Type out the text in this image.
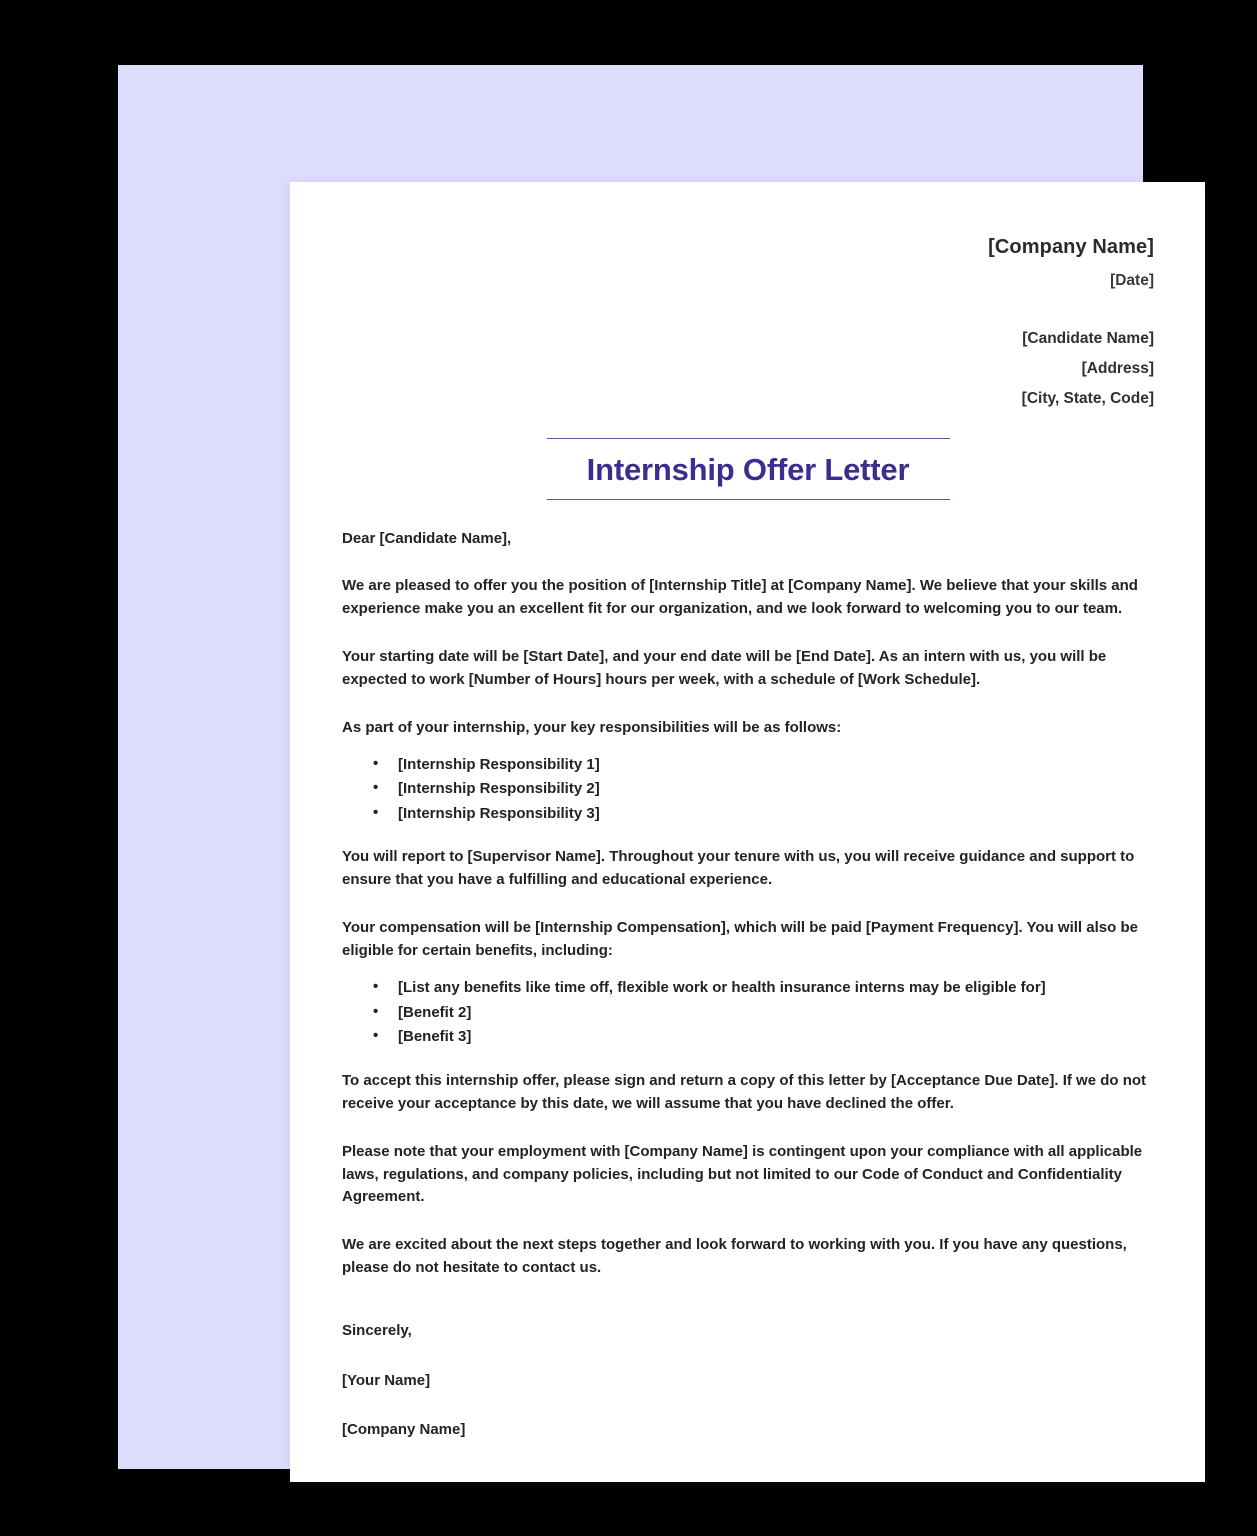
[Company Name]
[Date]
[Candidate Name]
[Address]
[City, State, Code]
Internship Offer Letter
Dear [Candidate Name],

We are pleased to offer you the position of [Internship Title] at [Company Name]. We believe that your skills and experience make you an excellent fit for our organization, and we look forward to welcoming you to our team.

Your starting date will be [Start Date], and your end date will be [End Date]. As an intern with us, you will be expected to work [Number of Hours] hours per week, with a schedule of [Work Schedule].

As part of your internship, your key responsibilities will be as follows:

• [Internship Responsibility 1]
• [Internship Responsibility 2]
• [Internship Responsibility 3]

You will report to [Supervisor Name]. Throughout your tenure with us, you will receive guidance and support to ensure that you have a fulfilling and educational experience.

Your compensation will be [Internship Compensation], which will be paid [Payment Frequency]. You will also be eligible for certain benefits, including:

• [List any benefits like time off, flexible work or health insurance interns may be eligible for]
• [Benefit 2]
• [Benefit 3]

To accept this internship offer, please sign and return a copy of this letter by [Acceptance Due Date]. If we do not receive your acceptance by this date, we will assume that you have declined the offer.

Please note that your employment with [Company Name] is contingent upon your compliance with all applicable laws, regulations, and company policies, including but not limited to our Code of Conduct and Confidentiality Agreement.

We are excited about the next steps together and look forward to working with you. If you have any questions, please do not hesitate to contact us.

Sincerely,
[Your Name]
[Company Name]
